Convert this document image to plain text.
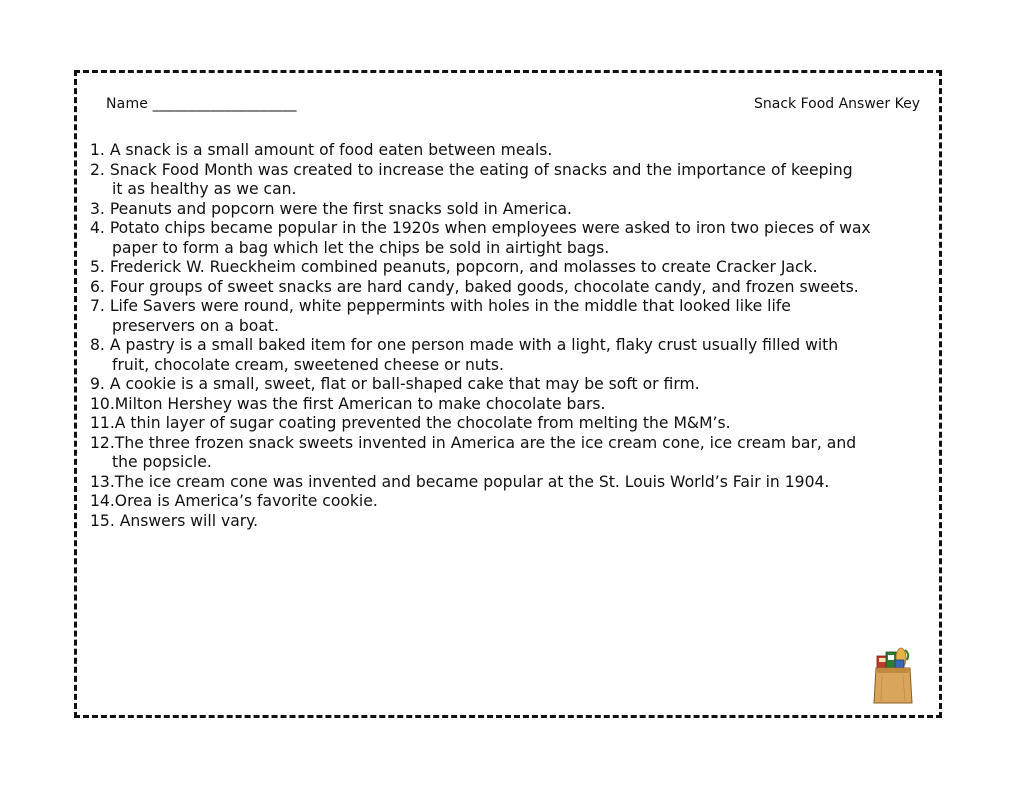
Name ____________________	Snack Food Answer Key
1. A snack is a small amount of food eaten between meals.
2. Snack Food Month was created to increase the eating of snacks and the importance of keeping
it as healthy as we can.
3. Peanuts and popcorn were the first snacks sold in America.
4. Potato chips became popular in the 1920s when employees were asked to iron two pieces of wax
paper to form a bag which let the chips be sold in airtight bags.
5. Frederick W. Rueckheim combined peanuts, popcorn, and molasses to create Cracker Jack.
6. Four groups of sweet snacks are hard candy, baked goods, chocolate candy, and frozen sweets.
7. Life Savers were round, white peppermints with holes in the middle that looked like life
preservers on a boat.
8. A pastry is a small baked item for one person made with a light, flaky crust usually filled with
fruit, chocolate cream, sweetened cheese or nuts.
9. A cookie is a small, sweet, flat or ball-shaped cake that may be soft or firm.
10.Milton Hershey was the first American to make chocolate bars.
11.A thin layer of sugar coating prevented the chocolate from melting the M&M’s.
12.The three frozen snack sweets invented in America are the ice cream cone, ice cream bar, and
the popsicle.
13.The ice cream cone was invented and became popular at the St. Louis World’s Fair in 1904.
14.Orea is America’s favorite cookie.
15. Answers will vary.
